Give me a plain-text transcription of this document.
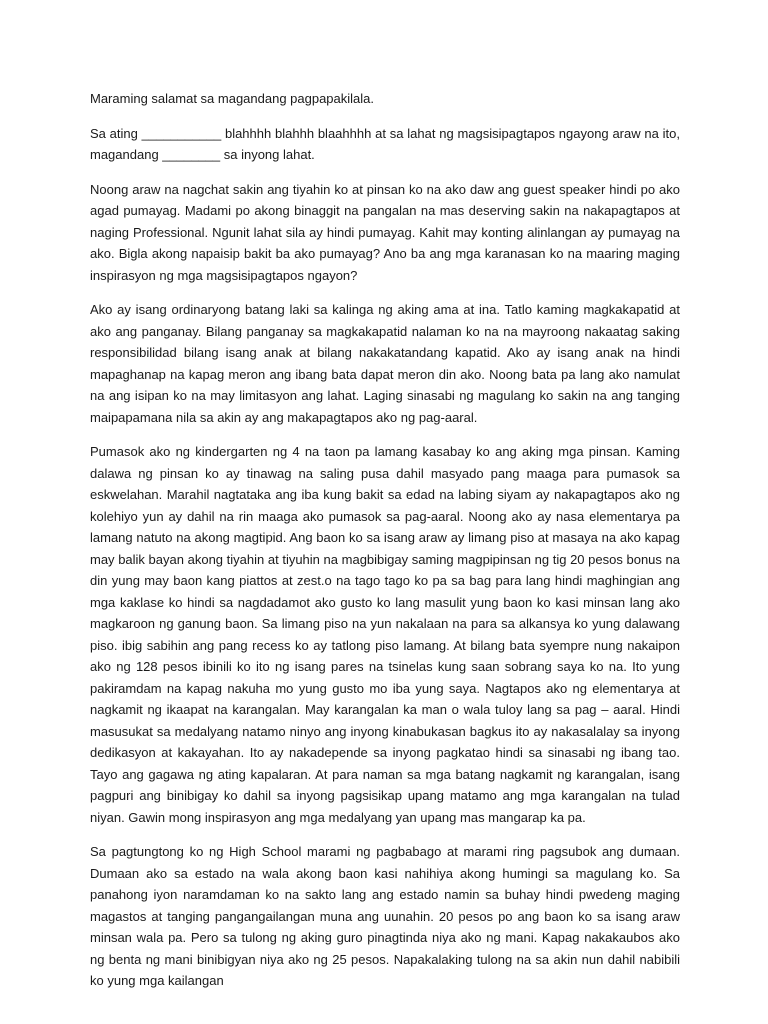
Maraming salamat sa magandang pagpapakilala.

Sa ating ___________ blahhhh blahhh blaahhhh at sa lahat ng magsisipagtapos ngayong araw na ito, magandang ________ sa inyong lahat.

Noong araw na nagchat sakin ang tiyahin ko at pinsan ko na ako daw ang guest speaker hindi po ako agad pumayag. Madami po akong binaggit na pangalan na mas deserving sakin na nakapagtapos at naging Professional. Ngunit lahat sila ay hindi pumayag. Kahit may konting alinlangan ay pumayag na ako. Bigla akong napaisip bakit ba ako pumayag? Ano ba ang mga karanasan ko na maaring maging inspirasyon ng mga magsisipagtapos ngayon?

Ako ay isang ordinaryong batang laki sa kalinga ng aking ama at ina. Tatlo kaming magkakapatid at ako ang panganay. Bilang panganay sa magkakapatid nalaman ko na na mayroong nakaatag saking responsibilidad bilang isang anak at bilang nakakatandang kapatid. Ako ay isang anak na hindi mapaghanap na kapag meron ang ibang bata dapat meron din ako. Noong bata pa lang ako namulat na ang isipan ko na may limitasyon ang lahat. Laging sinasabi ng magulang ko sakin na ang tanging maipapamana nila sa akin ay ang makapagtapos ako ng pag-aaral.

Pumasok ako ng kindergarten ng 4 na taon pa lamang kasabay ko ang aking mga pinsan. Kaming dalawa ng pinsan ko ay tinawag na saling pusa dahil masyado pang maaga para pumasok sa eskwelahan. Marahil nagtataka ang iba kung bakit sa edad na labing siyam ay nakapagtapos ako ng kolehiyo yun ay dahil na rin maaga ako pumasok sa pag-aaral. Noong ako ay nasa elementarya pa lamang natuto na akong magtipid. Ang baon ko sa isang araw ay limang piso at masaya na ako kapag may balik bayan akong tiyahin at tiyuhin na magbibigay saming magpipinsan ng tig 20 pesos bonus na din yung may baon kang piattos at zest.o na tago tago ko pa sa bag para lang hindi maghingian ang mga kaklase ko hindi sa nagdadamot ako gusto ko lang masulit yung baon ko kasi minsan lang ako magkaroon ng ganung baon. Sa limang piso na yun nakalaan na para sa alkansya ko yung dalawang piso. ibig sabihin ang pang recess ko ay tatlong piso lamang. At bilang bata syempre nung nakaipon ako ng 128 pesos ibinili ko ito ng isang pares na tsinelas kung saan sobrang saya ko na. Ito yung pakiramdam na kapag nakuha mo yung gusto mo iba yung saya. Nagtapos ako ng elementarya at nagkamit ng ikaapat na karangalan. May karangalan ka man o wala tuloy lang sa pag – aaral. Hindi masusukat sa medalyang natamo ninyo ang inyong kinabukasan bagkus ito ay nakasalalay sa inyong dedikasyon at kakayahan. Ito ay nakadepende sa inyong pagkatao hindi sa sinasabi ng ibang tao. Tayo ang gagawa ng ating kapalaran. At para naman sa mga batang nagkamit ng karangalan, isang pagpuri ang binibigay ko dahil sa inyong pagsisikap upang matamo ang mga karangalan na tulad niyan. Gawin mong inspirasyon ang mga medalyang yan upang mas mangarap ka pa.

Sa pagtungtong ko ng High School marami ng pagbabago at marami ring pagsubok ang dumaan. Dumaan ako sa estado na wala akong baon kasi nahihiya akong humingi sa magulang ko. Sa panahong iyon naramdaman ko na sakto lang ang estado namin sa buhay hindi pwedeng maging magastos at tanging pangangailangan muna ang uunahin. 20 pesos po ang baon ko sa isang araw minsan wala pa. Pero sa tulong ng aking guro pinagtinda niya ako ng mani. Kapag nakakaubos ako ng benta ng mani binibigyan niya ako ng 25 pesos. Napakalaking tulong na sa akin nun dahil nabibili ko yung mga kailangan
